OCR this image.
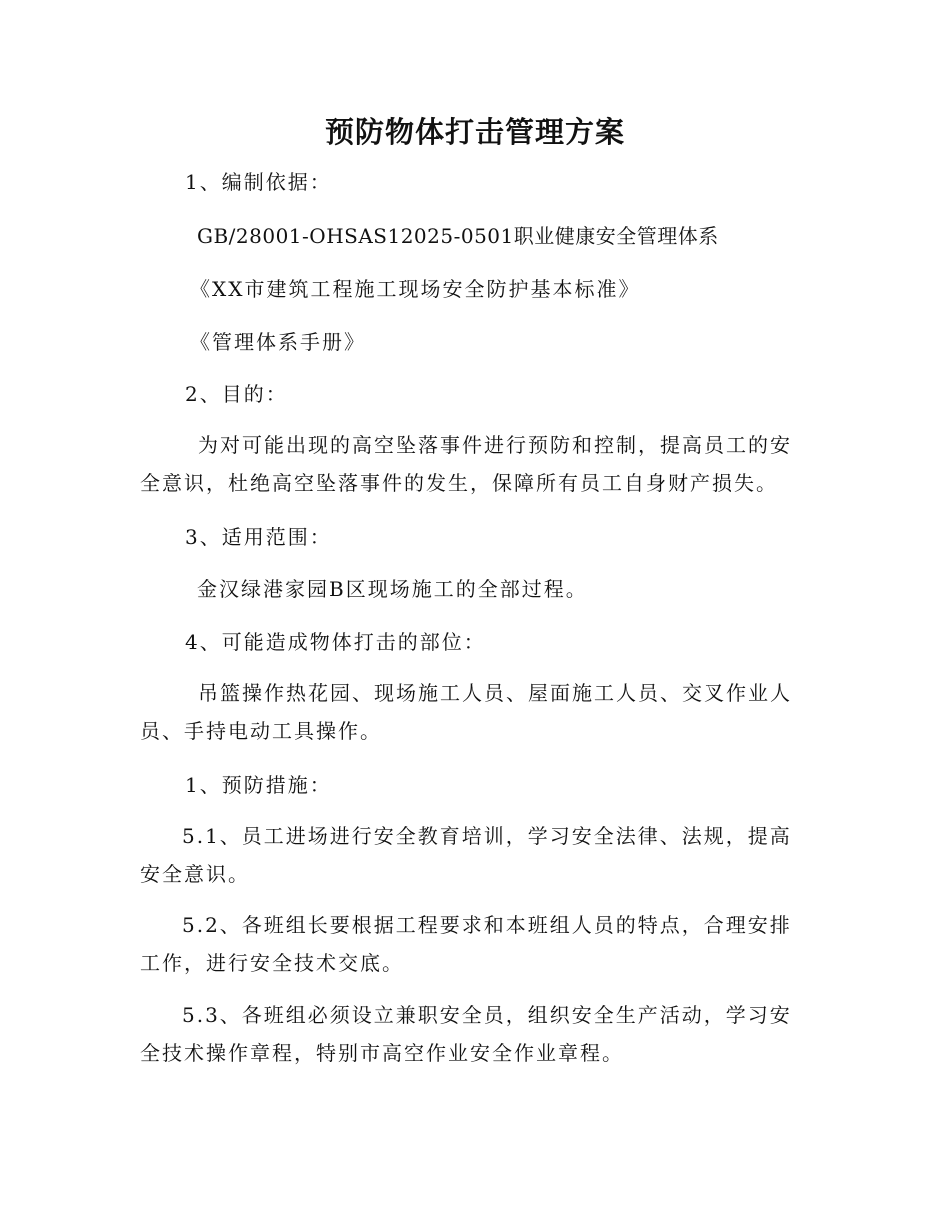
预防物体打击管理方案
1、编制依据：
GB/28001-OHSAS12025-0501职业健康安全管理体系
《XX市建筑工程施工现场安全防护基本标准》
《管理体系手册》
2、目的：
为对可能出现的高空坠落事件进行预防和控制，提高员工的安全意识，杜绝高空坠落事件的发生，保障所有员工自身财产损失。
3、适用范围：
金汉绿港家园B区现场施工的全部过程。
4、可能造成物体打击的部位：
吊篮操作热花园、现场施工人员、屋面施工人员、交叉作业人员、手持电动工具操作。
1、预防措施：
5.1、员工进场进行安全教育培训，学习安全法律、法规，提高安全意识。
5.2、各班组长要根据工程要求和本班组人员的特点，合理安排工作，进行安全技术交底。
5.3、各班组必须设立兼职安全员，组织安全生产活动，学习安全技术操作章程，特别市高空作业安全作业章程。
